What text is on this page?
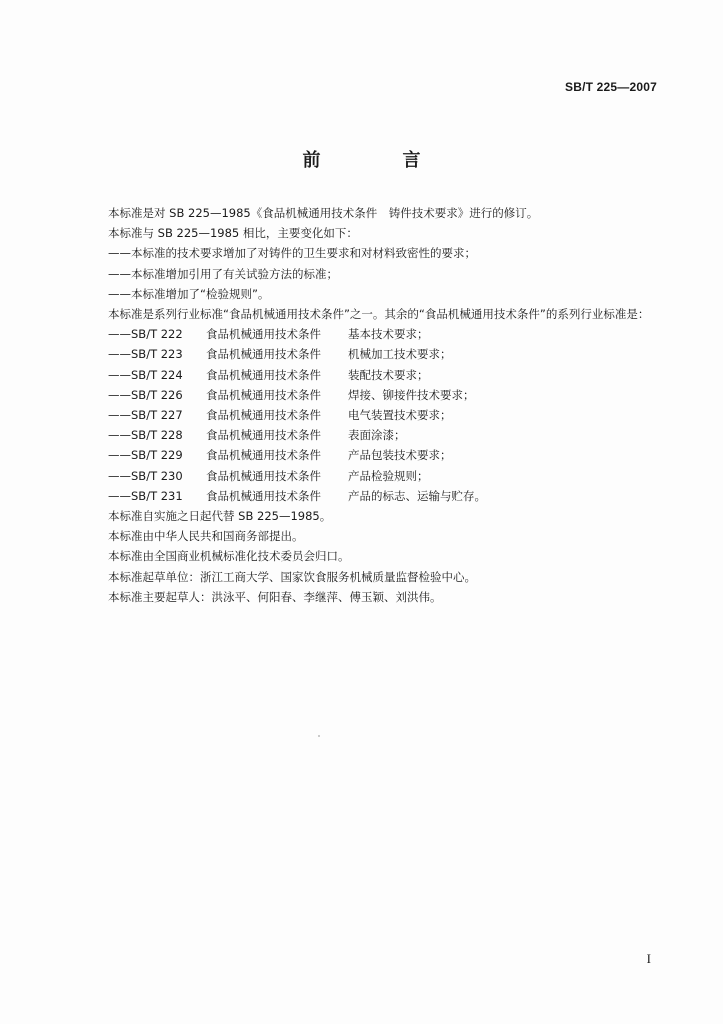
SB/T 225—2007
前　言

本标准是对 SB 225—1985《食品机械通用技术条件　铸件技术要求》进行的修订。

本标准与 SB 225—1985 相比，主要变化如下：

——本标准的技术要求增加了对铸件的卫生要求和对材料致密性的要求；

——本标准增加引用了有关试验方法的标准；

——本标准增加了“检验规则”。

本标准是系列行业标准“食品机械通用技术条件”之一。其余的“食品机械通用技术条件”的系列行业标准是：

——SB/T 222	食品机械通用技术条件	基本技术要求；

——SB/T 223	食品机械通用技术条件	机械加工技术要求；

——SB/T 224	食品机械通用技术条件	装配技术要求；

——SB/T 226	食品机械通用技术条件	焊接、铆接件技术要求；

——SB/T 227	食品机械通用技术条件	电气装置技术要求；

——SB/T 228	食品机械通用技术条件	表面涂漆；

——SB/T 229	食品机械通用技术条件	产品包装技术要求；

——SB/T 230	食品机械通用技术条件	产品检验规则；

——SB/T 231	食品机械通用技术条件	产品的标志、运输与贮存。

本标准自实施之日起代替 SB 225—1985。

本标准由中华人民共和国商务部提出。

本标准由全国商业机械标准化技术委员会归口。

本标准起草单位：浙江工商大学、国家饮食服务机械质量监督检验中心。

本标准主要起草人：洪泳平、何阳春、李继萍、傅玉颖、刘洪伟。

I
